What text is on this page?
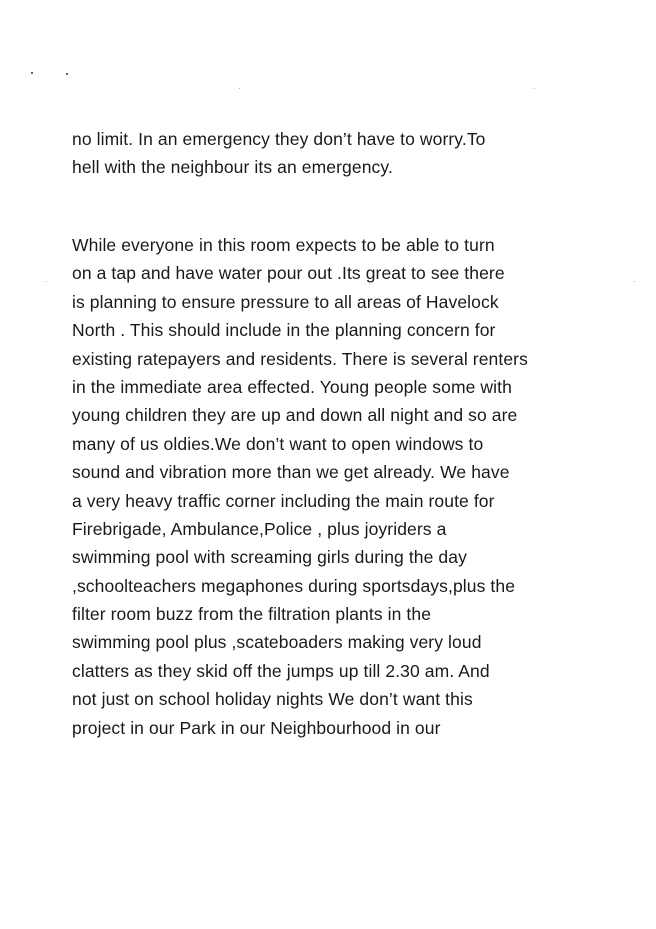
no limit. In an emergency they don’t have to worry.To
hell with the neighbour its an emergency.
While everyone in this room expects to be able to turn
on a tap and have water pour out .Its great to see there
is planning to ensure pressure to all areas of Havelock
North . This should include in the planning concern for
existing ratepayers and residents. There is several renters
in the immediate area effected. Young people some with
young children they are up and down all night and so are
many of us oldies.We don’t want to open windows to
sound and vibration more than we get already. We have
a very heavy traffic corner including the main route for
Firebrigade, Ambulance,Police , plus joyriders a
swimming pool with screaming girls during the day
,schoolteachers megaphones during sportsdays,plus the
filter room buzz from the filtration plants in the
swimming pool plus ,scateboaders making very loud
clatters as they skid off the jumps up till 2.30 am. And
not just on school holiday nights We don’t want this
project in our Park in our Neighbourhood in our
